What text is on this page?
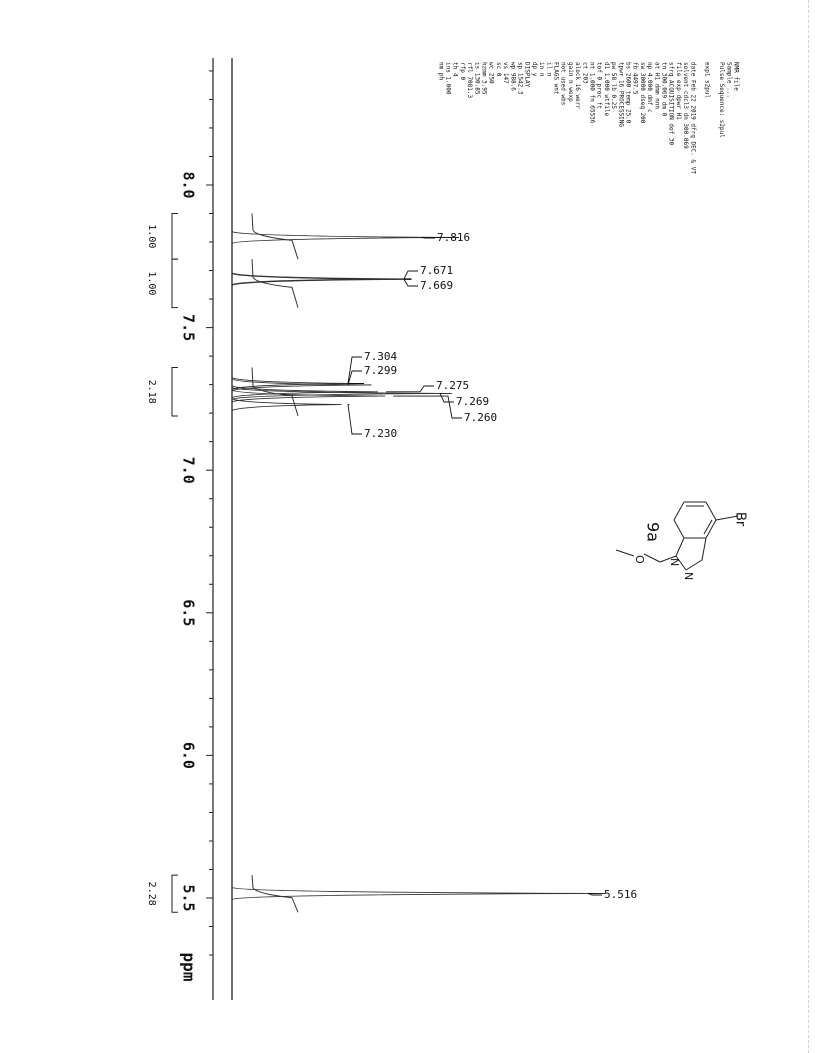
8.0
7.5
7.0
6.5
6.0
5.5
ppm
1.00
1.00
2.18
2.28
7.816
7.671
7.669
7.304
7.299
7.275
7.269
7.260
7.230
5.516
NMR file
Sample ...
Pulse Sequence: s2pul
exp1 s2pul
date Feb 22 2019 dfrq DEC. & VT
solvent cdcl3 dn 300.069
file exp dpwr H1
sfrq ACQUISITION dof 30
tn 300.069 dm 0
at H1 dmm nnn
np 4.000 dmf c
sw 30000 dseq 200
fb 4497.5
bs 2600 temp 25.0
tpwr 16 PROCESSING
pw 58 lb 0.25
d1 1.000 wtfile
tof 0 proc ft
nt 1.000 fn 65536
ct 203
alock 16 werr
gain n wexp
not used wbs
FLAGS wnt
il n
in n
dp y
DISPLAY
sp 1542.3
wp 988.6
vs 147
sc 0
wc 250
hzmm 3.95
is 130.85
rfl 7081.3
rfp 0
th 4
ins 1.000
nm ph
Br
N
N
O
9a
